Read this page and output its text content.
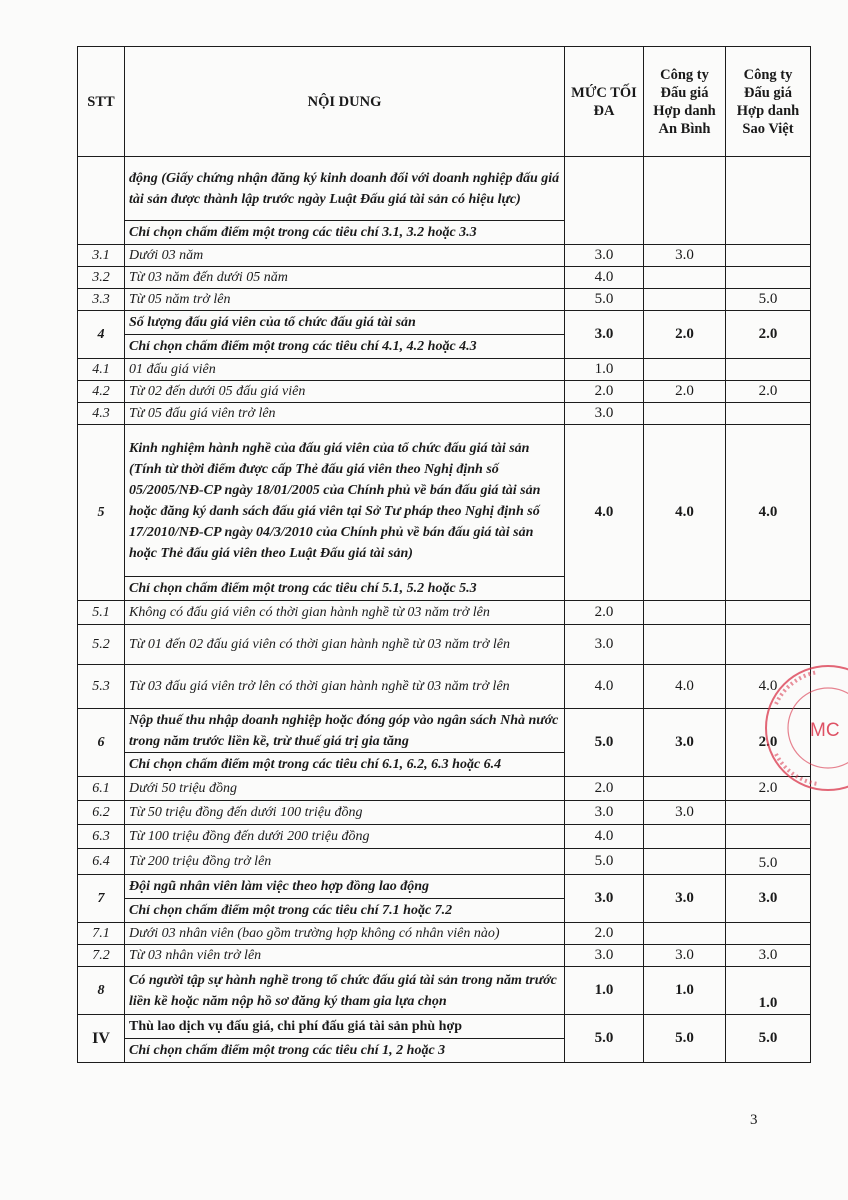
⠀
STT	NỘI DUNG	MỨC TỐI ĐA	Công ty Đấu giá Hợp danh An Bình	Công ty Đấu giá Hợp danh Sao Việt
	động (Giấy chứng nhận đăng ký kinh doanh đối với doanh nghiệp đấu giá tài sản được thành lập trước ngày Luật Đấu giá tài sản có hiệu lực)			
	Chỉ chọn chấm điểm một trong các tiêu chí 3.1, 3.2 hoặc 3.3			
3.1	Dưới 03 năm	3.0	3.0	
3.2	Từ 03 năm đến dưới 05 năm	4.0		
3.3	Từ 05 năm trở lên	5.0		5.0
4	Số lượng đấu giá viên của tổ chức đấu giá tài sản	3.0	2.0	2.0
	Chỉ chọn chấm điểm một trong các tiêu chí 4.1, 4.2 hoặc 4.3			
4.1	01 đấu giá viên	1.0		
4.2	Từ 02 đến dưới 05 đấu giá viên	2.0	2.0	2.0
4.3	Từ 05 đấu giá viên trở lên	3.0		
5	Kinh nghiệm hành nghề của đấu giá viên của tổ chức đấu giá tài sản (Tính từ thời điểm được cấp Thẻ đấu giá viên theo Nghị định số 05/2005/NĐ-CP ngày 18/01/2005 của Chính phủ về bán đấu giá tài sản hoặc đăng ký danh sách đấu giá viên tại Sở Tư pháp theo Nghị định số 17/2010/NĐ-CP ngày 04/3/2010 của Chính phủ về bán đấu giá tài sản hoặc Thẻ đấu giá viên theo Luật Đấu giá tài sản)	4.0	4.0	4.0
	Chỉ chọn chấm điểm một trong các tiêu chí 5.1, 5.2 hoặc 5.3			
5.1	Không có đấu giá viên có thời gian hành nghề từ 03 năm trở lên	2.0		
5.2	Từ 01 đến 02 đấu giá viên có thời gian hành nghề từ 03 năm trở lên	3.0		
5.3	Từ 03 đấu giá viên trở lên có thời gian hành nghề từ 03 năm trở lên	4.0	4.0	4.0
6	Nộp thuế thu nhập doanh nghiệp hoặc đóng góp vào ngân sách Nhà nước trong năm trước liền kề, trừ thuế giá trị gia tăng	5.0	3.0	2.0
	Chỉ chọn chấm điểm một trong các tiêu chí 6.1, 6.2, 6.3 hoặc 6.4			
6.1	Dưới 50 triệu đồng	2.0		2.0
6.2	Từ 50 triệu đồng đến dưới 100 triệu đồng	3.0	3.0	
6.3	Từ 100 triệu đồng đến dưới 200 triệu đồng	4.0		
6.4	Từ 200 triệu đồng trở lên	5.0		5.0
7	Đội ngũ nhân viên làm việc theo hợp đồng lao động	3.0	3.0	3.0
	Chỉ chọn chấm điểm một trong các tiêu chí 7.1 hoặc 7.2			
7.1	Dưới 03 nhân viên (bao gồm trường hợp không có nhân viên nào)	2.0		
7.2	Từ 03 nhân viên trở lên	3.0	3.0	3.0
8	Có người tập sự hành nghề trong tổ chức đấu giá tài sản trong năm trước liền kề hoặc năm nộp hồ sơ đăng ký tham gia lựa chọn	1.0	1.0	1.0
IV	Thù lao dịch vụ đấu giá, chi phí đấu giá tài sản phù hợp	5.0	5.0	5.0
	Chỉ chọn chấm điểm một trong các tiêu chí 1, 2 hoặc 3			
MC
3
